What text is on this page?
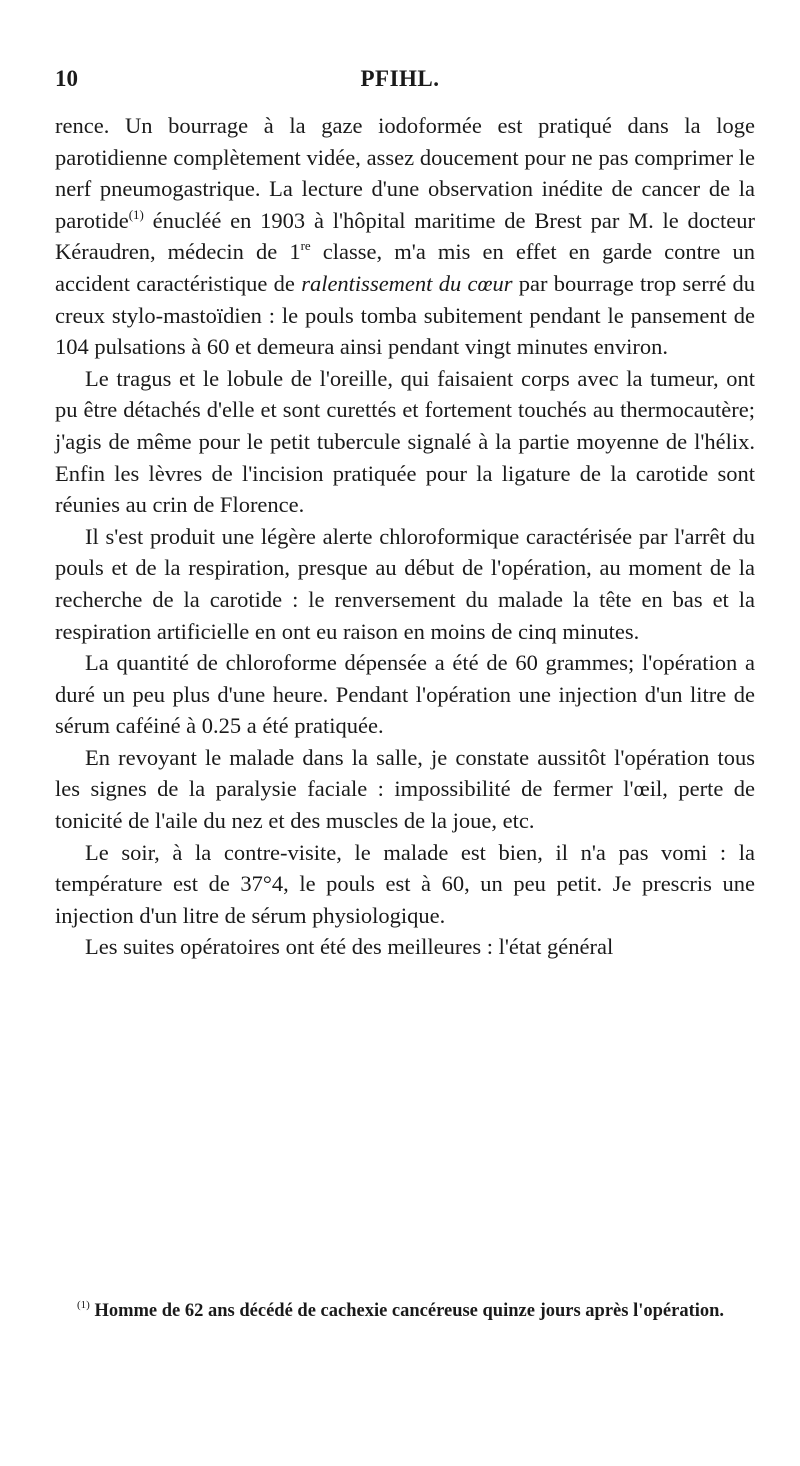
10	PFIHL.

rence. Un bourrage à la gaze iodoformée est pratiqué dans la loge parotidienne complètement vidée, assez doucement pour ne pas comprimer le nerf pneumogastrique. La lecture d'une observation inédite de cancer de la parotide$^{(1)}$ énucléé en 1903 à l'hôpital maritime de Brest par M. le docteur Kéraudren, médecin de 1re classe, m'a mis en effet en garde contre un accident caractéristique de ralentissement du cœur par bourrage trop serré du creux stylo-mastoïdien : le pouls tomba subitement pendant le pansement de 104 pulsations à 60 et demeura ainsi pendant vingt minutes environ.

Le tragus et le lobule de l'oreille, qui faisaient corps avec la tumeur, ont pu être détachés d'elle et sont curettés et fortement touchés au thermocautère; j'agis de même pour le petit tubercule signalé à la partie moyenne de l'hélix. Enfin les lèvres de l'incision pratiquée pour la ligature de la carotide sont réunies au crin de Florence.

Il s'est produit une légère alerte chloroformique caractérisée par l'arrêt du pouls et de la respiration, presque au début de l'opération, au moment de la recherche de la carotide : le renversement du malade la tête en bas et la respiration artificielle en ont eu raison en moins de cinq minutes.

La quantité de chloroforme dépensée a été de 60 grammes; l'opération a duré un peu plus d'une heure. Pendant l'opération une injection d'un litre de sérum caféiné à 0.25 a été pratiquée.

En revoyant le malade dans la salle, je constate aussitôt l'opération tous les signes de la paralysie faciale : impossibilité de fermer l'œil, perte de tonicité de l'aile du nez et des muscles de la joue, etc.

Le soir, à la contre-visite, le malade est bien, il n'a pas vomi : la température est de 37°4, le pouls est à 60, un peu petit. Je prescris une injection d'un litre de sérum physiologique.

Les suites opératoires ont été des meilleures : l'état général

$^{(1)}$ Homme de 62 ans décédé de cachexie cancéreuse quinze jours après l'opération.
